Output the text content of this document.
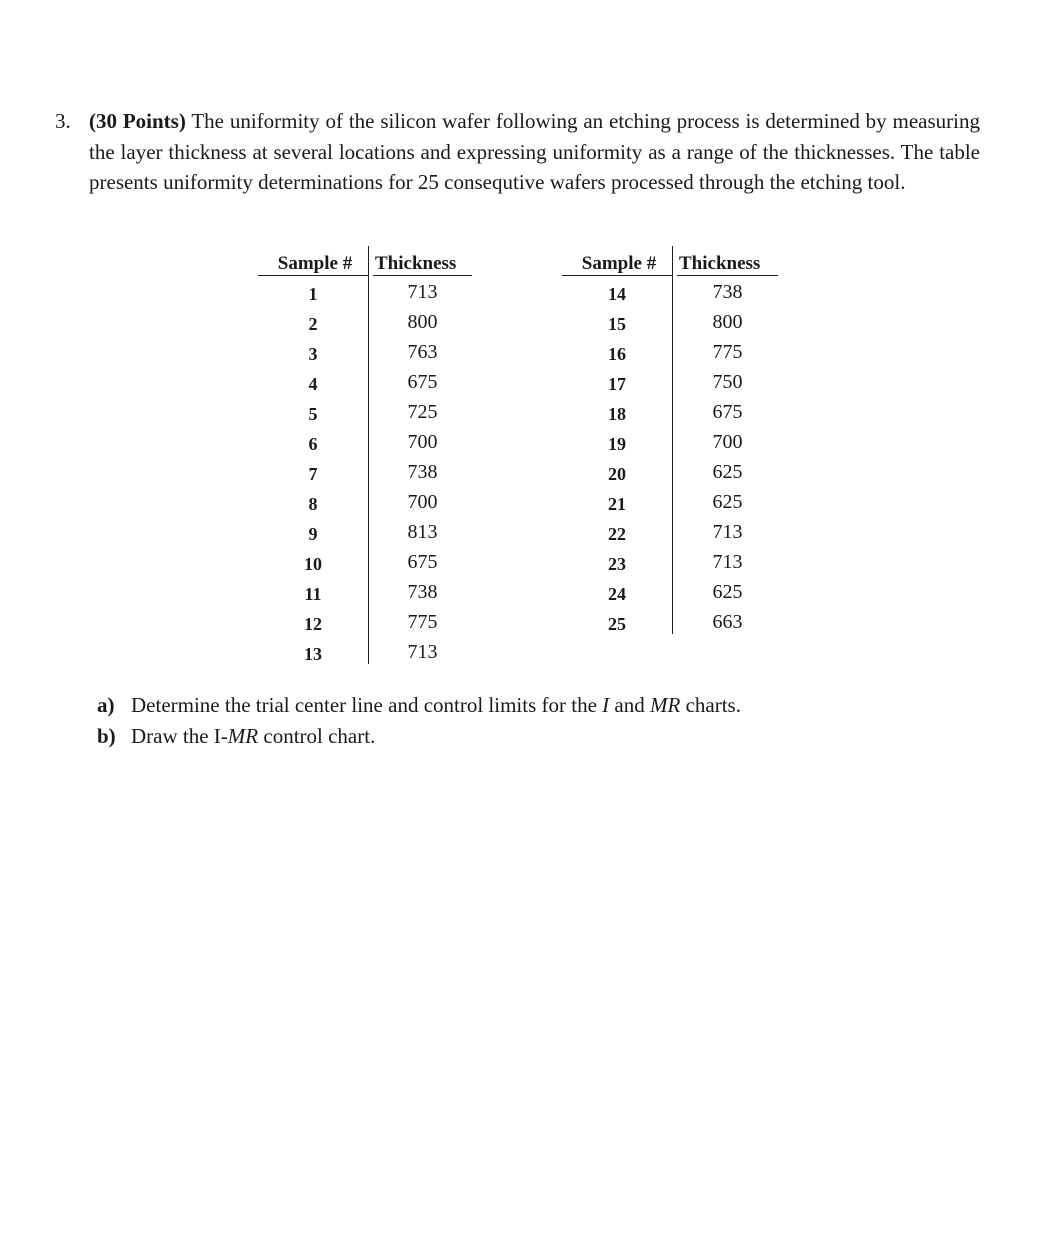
3. (30 Points) The uniformity of the silicon wafer following an etching process is determined by measuring the layer thickness at several locations and expressing uniformity as a range of the thicknesses. The table presents uniformity determinations for 25 consequtive wafers processed through the etching tool.
Sample #
1
2
3
4
5
6
7
8
9
10
11
12
13
Thickness
713
800
763
675
725
700
738
700
813
675
738
775
713
Sample #
14
15
16
17
18
19
20
21
22
23
24
25
Thickness
738
800
775
750
675
700
625
625
713
713
625
663
a) Determine the trial center line and control limits for the I and MR charts.
b) Draw the I-MR control chart.
